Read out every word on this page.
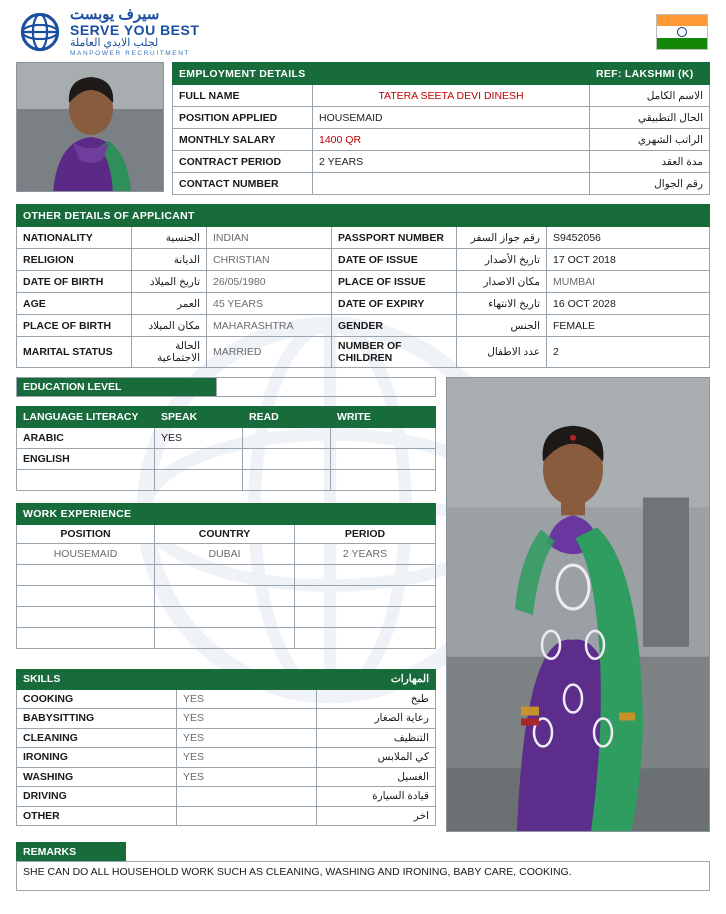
سيرف يوبست
SERVE YOU BEST
لجلب الايدي العاملة
MANPOWER RECRUITMENT
EMPLOYMENT DETAILS		REF: LAKSHMI (K)
FULL NAME	TATERA SEETA DEVI DINESH	الاسم الكامل
POSITION APPLIED	HOUSEMAID	الحال التطبيقي
MONTHLY SALARY	1400 QR	الراتب الشهري
CONTRACT PERIOD	2 YEARS	مدة العقد
CONTACT NUMBER		رقم الجوال
OTHER DETAILS OF APPLICANT					
NATIONALITY	الجنسية	INDIAN	PASSPORT NUMBER	رقم جواز السفر	S9452056
RELIGION	الديانة	CHRISTIAN	DATE OF ISSUE	تاريخ الأصدار	17 OCT 2018
DATE OF BIRTH	تاريخ الميلاد	26/05/1980	PLACE OF ISSUE	مكان الاصدار	MUMBAI
AGE	العمر	45 YEARS	DATE OF EXPIRY	تاريخ الانتهاء	16 OCT 2028
PLACE OF BIRTH	مكان الميلاد	MAHARASHTRA	GENDER	الجنس	FEMALE
MARITAL STATUS	الحالة الاجتماعية	MARRIED	NUMBER OF CHILDREN	عدد الاطفال	2
EDUCATION LEVEL
LANGUAGE LITERACY	SPEAK	READ	WRITE
ARABIC	YES		
ENGLISH			

WORK EXPERIENCE		
POSITION	COUNTRY	PERIOD
HOUSEMAID	DUBAI	2 YEARS

SKILLS		المهارات
COOKING	YES	طبخ
BABYSITTING	YES	رعاية الصغار
CLEANING	YES	التنظيف
IRONING	YES	كي الملابس
WASHING	YES	الغسيل
DRIVING		قيادة السيارة
OTHER		اخر
REMARKS
SHE CAN DO ALL HOUSEHOLD WORK SUCH AS CLEANING, WASHING AND IRONING, BABY CARE, COOKING.
